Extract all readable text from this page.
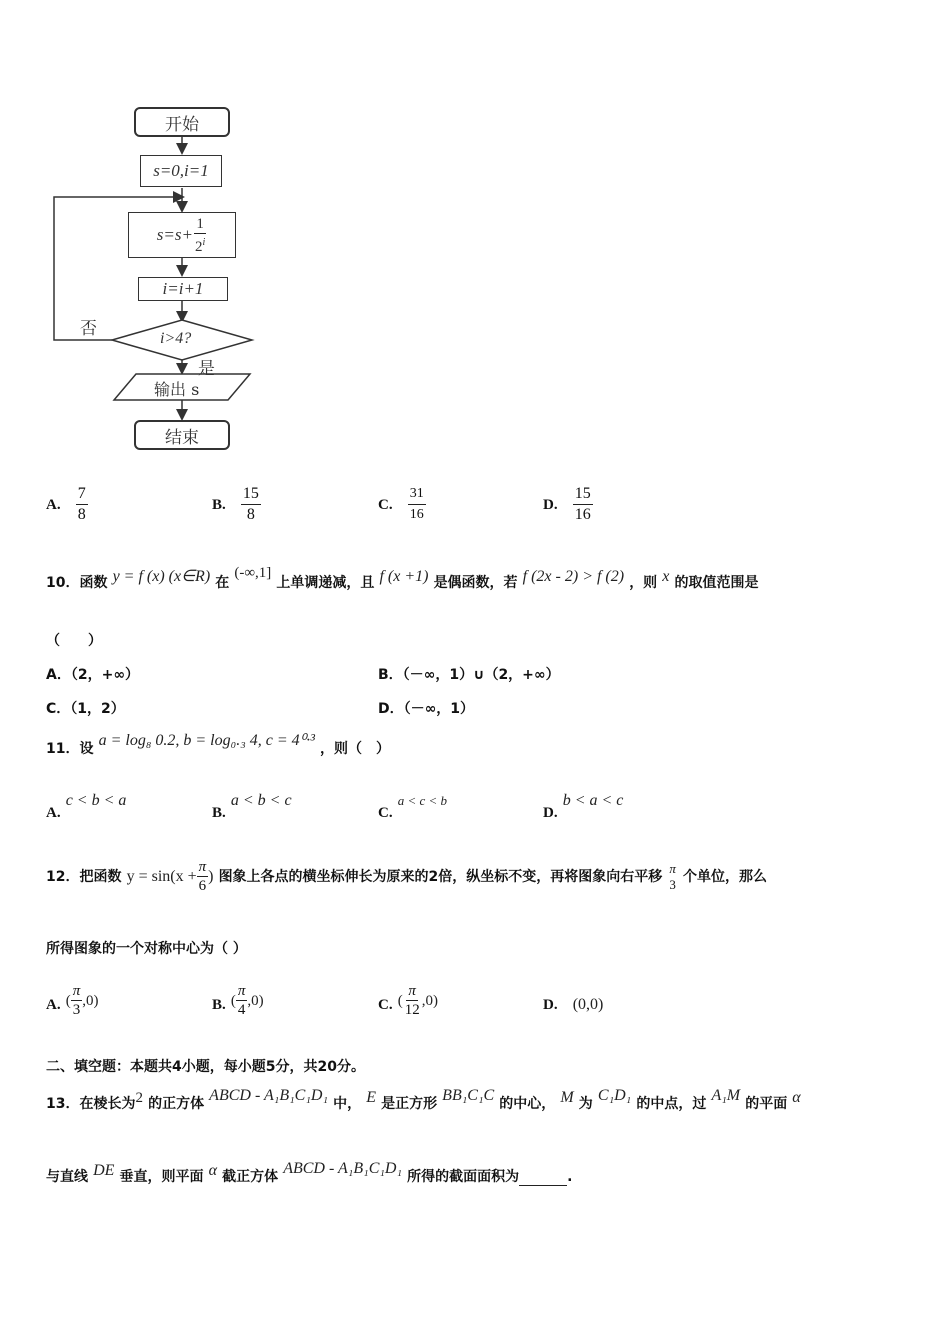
开始
s=0,i=1
$s=s+ \frac{1}{2^i}$
i=i+1
i>4?
否
是
输出 s
结束
A. $\frac{7}{8}$	B. $\frac{15}{8}$	C. $\frac{31}{16}$	D. $\frac{15}{16}$
10．函数 y = f (x) (x∈R) 在 (-∞,1] 上单调递减，且 f (x +1) 是偶函数，若 f (2x - 2) > f (2) ，则 x 的取值范围是
（　　）
A．（2，+∞）	B．（－∞，1）∪（2，+∞）
C．（1，2）	D．（－∞，1）
11．设 a = log₈ 0.2, b = log₀.₃ 4, c = 4⁰·³ ，则（　）
A. c < b < a
B. a < b < c
C. a < c < b
D. b < a < c
12．把函数 $y = \sin(x + \frac{\pi}{6}$ ) 图象上各点的横坐标伸长为原来的2倍，纵坐标不变，再将图象向右平移
π
3 个单位，那么
所得图象的一个对称中心为（ ）
A. ( $\frac{\pi}{3} ,0$)	B. ( $\frac{\pi}{4} ,0$)	C. ( $\frac{\pi}{12} ,0$)	D. (0,0)
二、填空题：本题共4小题，每小题5分，共20分。
13．在棱长为2 的正方体 ABCD - A₁B₁C₁D₁ 中， E 是正方形 BB₁C₁C 的中心， M 为 C₁D₁ 的中点，过 A₁M 的平面 α
与直线 DE 垂直，则平面 α 截正方体 ABCD - A₁B₁C₁D₁ 所得的截面面积为	.
